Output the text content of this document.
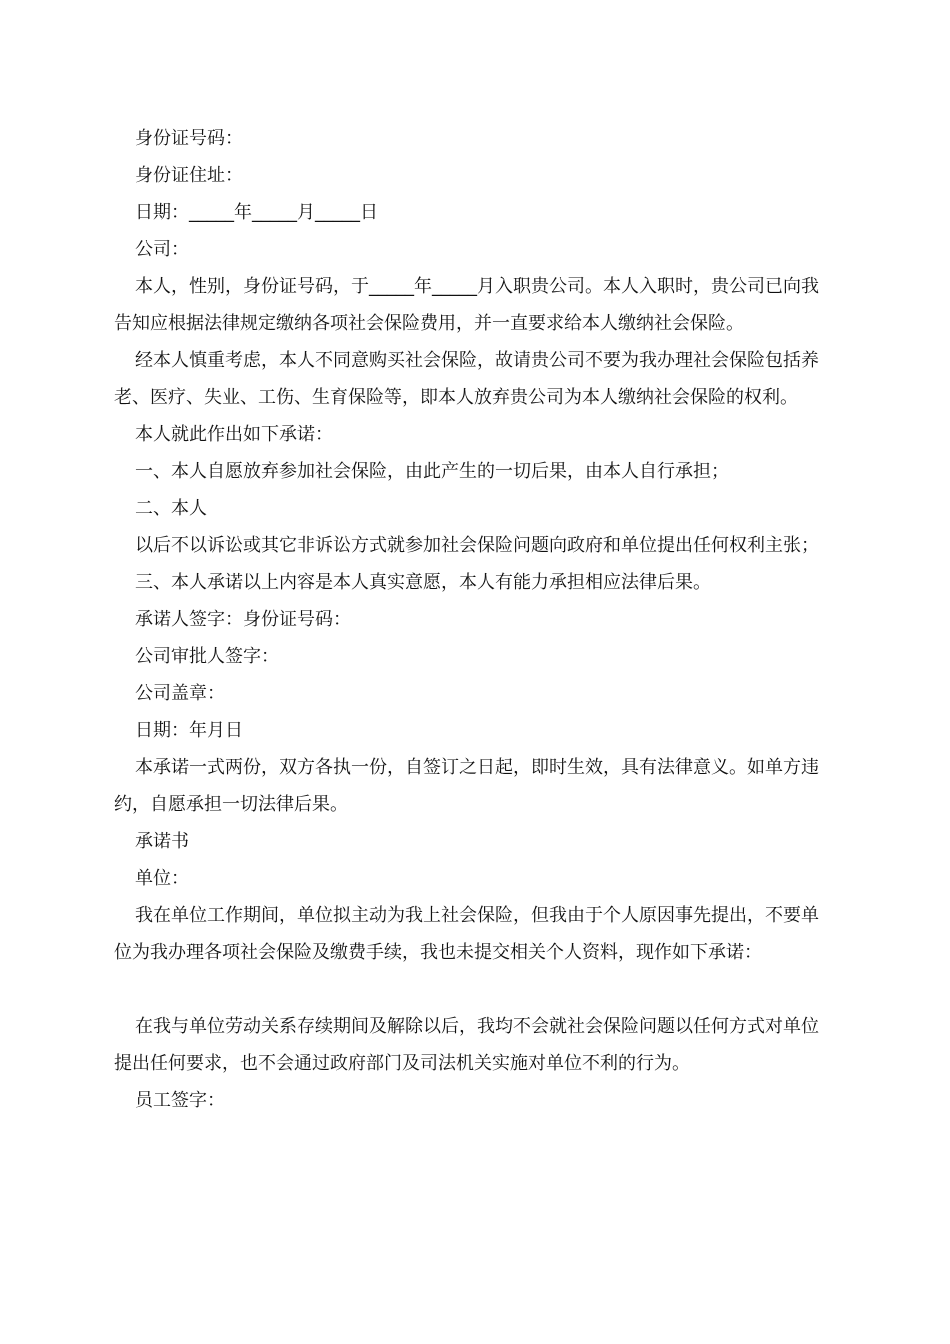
身份证号码：

身份证住址：

日期：_____年_____月_____日

公司：

本人，性别，身份证号码，于_____年_____月入职贵公司。本人入职时，贵公司已向我告知应根据法律规定缴纳各项社会保险费用，并一直要求给本人缴纳社会保险。

经本人慎重考虑，本人不同意购买社会保险，故请贵公司不要为我办理社会保险包括养老、医疗、失业、工伤、生育保险等，即本人放弃贵公司为本人缴纳社会保险的权利。

本人就此作出如下承诺：

一、本人自愿放弃参加社会保险，由此产生的一切后果，由本人自行承担；

二、本人

以后不以诉讼或其它非诉讼方式就参加社会保险问题向政府和单位提出任何权利主张；

三、本人承诺以上内容是本人真实意愿，本人有能力承担相应法律后果。

承诺人签字：身份证号码：

公司审批人签字：

公司盖章：

日期：年月日

本承诺一式两份，双方各执一份，自签订之日起，即时生效，具有法律意义。如单方违约，自愿承担一切法律后果。

承诺书

单位：

我在单位工作期间，单位拟主动为我上社会保险，但我由于个人原因事先提出，不要单位为我办理各项社会保险及缴费手续，我也未提交相关个人资料，现作如下承诺：

在我与单位劳动关系存续期间及解除以后，我均不会就社会保险问题以任何方式对单位提出任何要求，也不会通过政府部门及司法机关实施对单位不利的行为。

员工签字：
